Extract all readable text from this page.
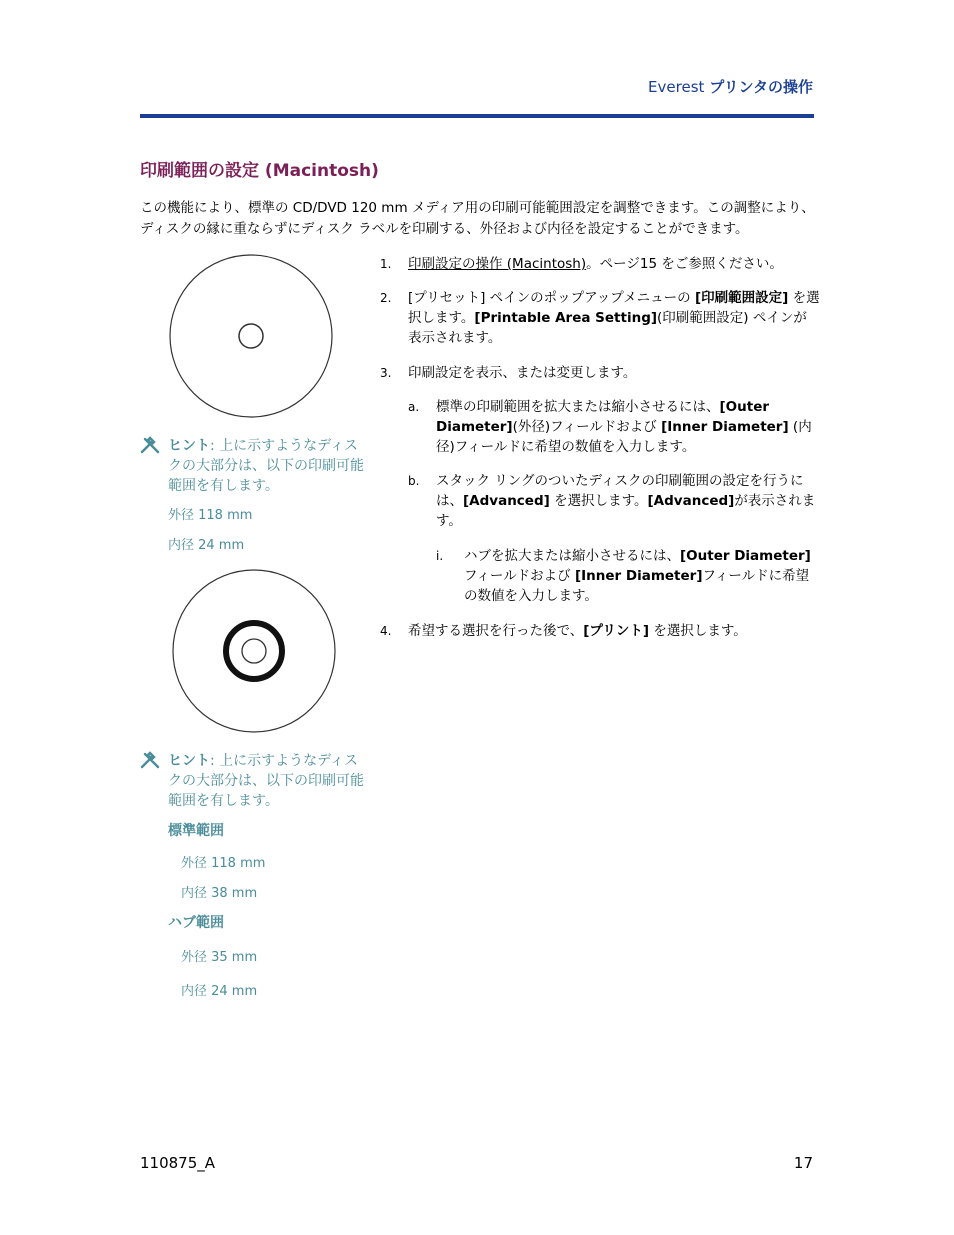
Everest プリンタの操作
印刷範囲の設定 (Macintosh)
この機能により、標準の CD/DVD 120 mm メディア用の印刷可能範囲設定を調整できます。この調整により、ディスクの縁に重ならずにディスク ラベルを印刷する、外径および内径を設定することができます。
ヒント: 上に示すようなディスクの大部分は、以下の印刷可能範囲を有します。
外径 118 mm
内径 24 mm
ヒント: 上に示すようなディスクの大部分は、以下の印刷可能範囲を有します。
標準範囲
外径 118 mm
内径 38 mm
ハブ範囲
外径 35 mm
内径 24 mm
1.	印刷設定の操作 (Macintosh)。ページ15 をご参照ください。
2.	[プリセット] ペインのポップアップメニューの [印刷範囲設定] を選択します。[Printable Area Setting](印刷範囲設定) ペインが表示されます。
3.	印刷設定を表示、または変更します。
a. 標準の印刷範囲を拡大または縮小させるには、[Outer Diameter](外径)フィールドおよび [Inner Diameter] (内径)フィールドに希望の数値を入力します。
b. スタック リングのついたディスクの印刷範囲の設定を行うには、[Advanced] を選択します。[Advanced]が表示されます。
i. ハブを拡大または縮小させるには、[Outer Diameter] フィールドおよび [Inner Diameter]フィールドに希望の数値を入力します。
4.	希望する選択を行った後で、[プリント] を選択します。
110875_A	17
